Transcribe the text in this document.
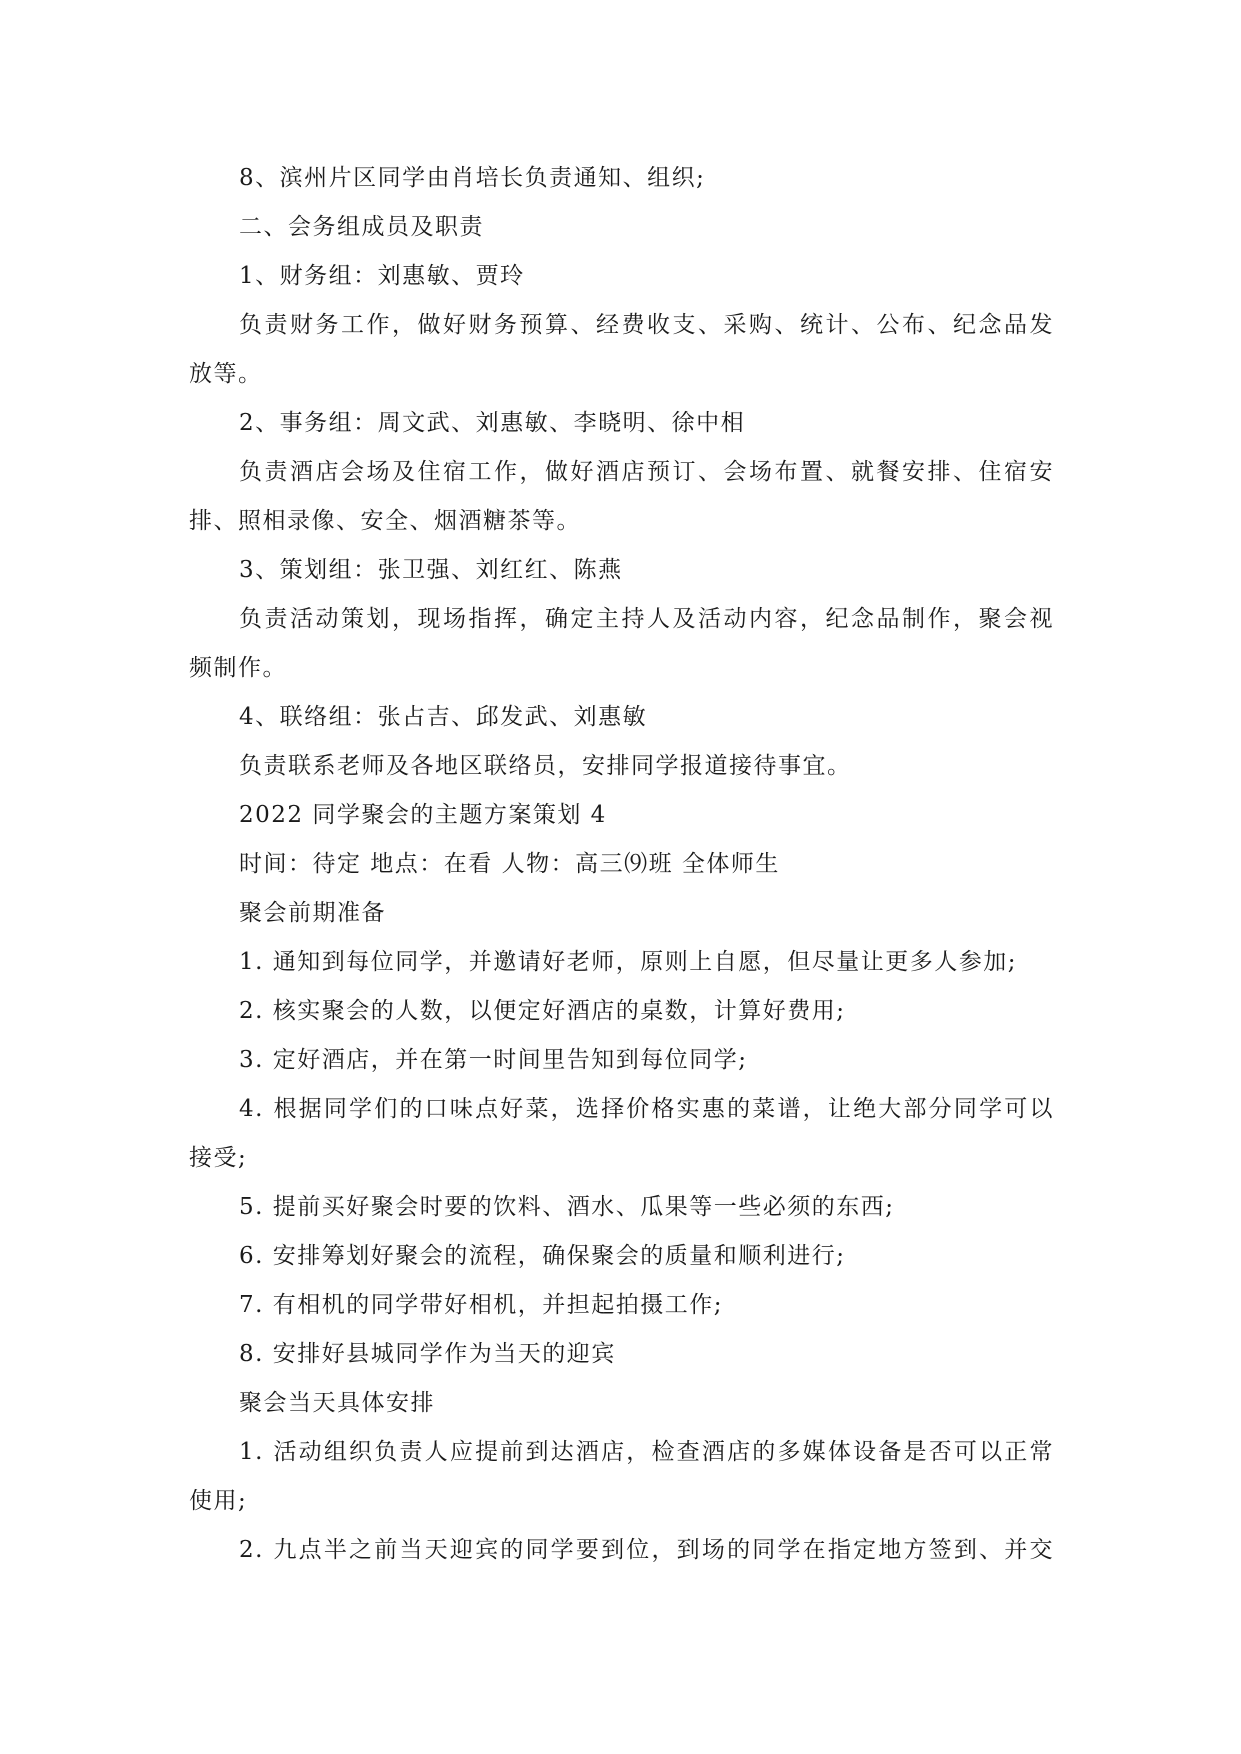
8、滨州片区同学由肖培长负责通知、组织;
二、会务组成员及职责
1、财务组：刘惠敏、贾玲
负责财务工作，做好财务预算、经费收支、采购、统计、公布、纪念品发
放等。
2、事务组：周文武、刘惠敏、李晓明、徐中相
负责酒店会场及住宿工作，做好酒店预订、会场布置、就餐安排、住宿安
排、照相录像、安全、烟酒糖茶等。
3、策划组：张卫强、刘红红、陈燕
负责活动策划，现场指挥，确定主持人及活动内容，纪念品制作，聚会视
频制作。
4、联络组：张占吉、邱发武、刘惠敏
负责联系老师及各地区联络员，安排同学报道接待事宜。
2022 同学聚会的主题方案策划 4
时间：待定 地点：在看 人物：高三⑼班 全体师生
聚会前期准备
1. 通知到每位同学，并邀请好老师，原则上自愿，但尽量让更多人参加;
2. 核实聚会的人数，以便定好酒店的桌数，计算好费用;
3. 定好酒店，并在第一时间里告知到每位同学;
4. 根据同学们的口味点好菜，选择价格实惠的菜谱，让绝大部分同学可以
接受;
5. 提前买好聚会时要的饮料、酒水、瓜果等一些必须的东西;
6. 安排筹划好聚会的流程，确保聚会的质量和顺利进行;
7. 有相机的同学带好相机，并担起拍摄工作;
8. 安排好县城同学作为当天的迎宾
聚会当天具体安排
1. 活动组织负责人应提前到达酒店，检查酒店的多媒体设备是否可以正常
使用;
2. 九点半之前当天迎宾的同学要到位，到场的同学在指定地方签到、并交
